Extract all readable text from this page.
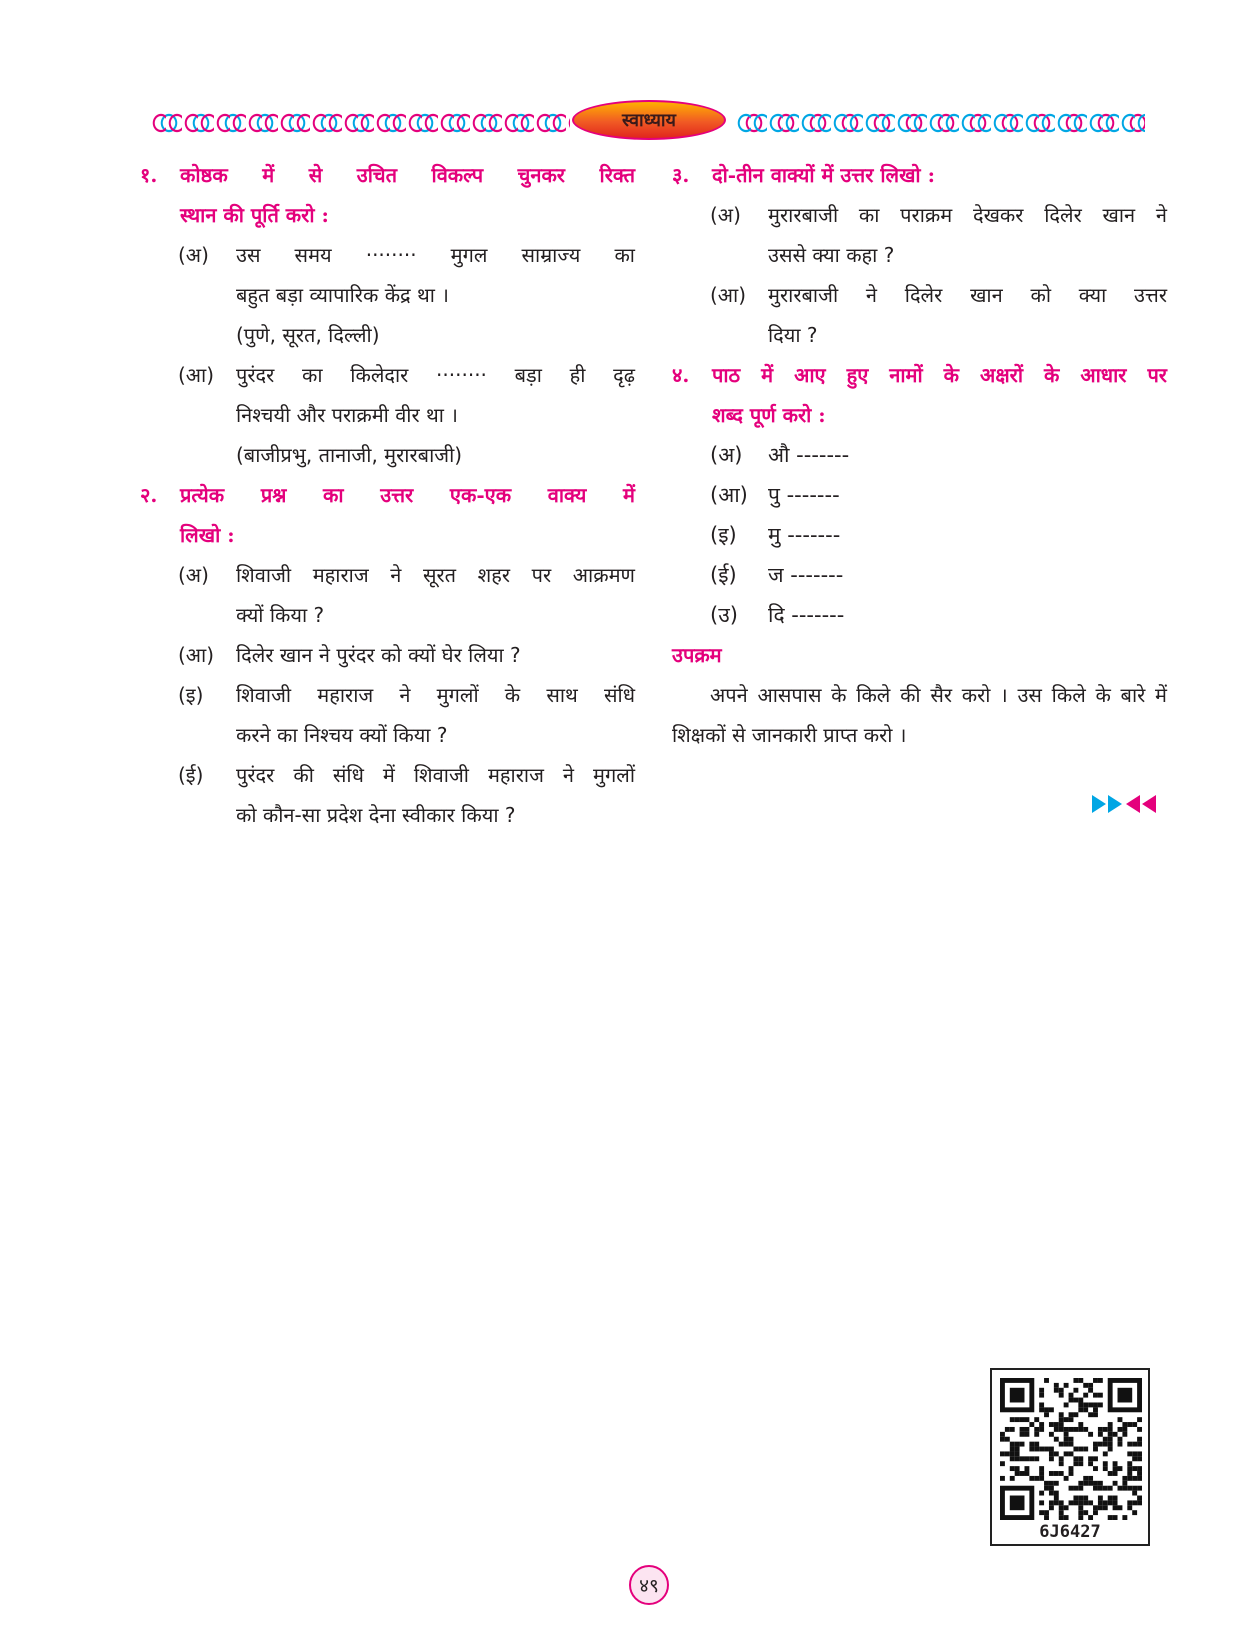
स्वाध्याय
१. कोष्ठक में से उचित विकल्प चुनकर रिक्त
स्थान की पूर्ति करो :
(अ) उस समय ········ मुगल साम्राज्य का
बहुत बड़ा व्यापारिक केंद्र था ।
(पुणे, सूरत, दिल्ली)
(आ) पुरंदर का किलेदार ········ बड़ा ही दृढ़
निश्चयी और पराक्रमी वीर था ।
(बाजीप्रभु, तानाजी, मुरारबाजी)
२. प्रत्येक प्रश्न का उत्तर एक-एक वाक्य में
लिखो :
(अ) शिवाजी महाराज ने सूरत शहर पर आक्रमण
क्यों किया ?
(आ) दिलेर खान ने पुरंदर को क्यों घेर लिया ?
(इ) शिवाजी महाराज ने मुगलों के साथ संधि
करने का निश्चय क्यों किया ?
(ई) पुरंदर की संधि में शिवाजी महाराज ने मुगलों
को कौन-सा प्रदेश देना स्वीकार किया ?
३. दो-तीन वाक्यों में उत्तर लिखो :
(अ) मुरारबाजी का पराक्रम देखकर दिलेर खान ने
उससे क्या कहा ?
(आ) मुरारबाजी ने दिलेर खान को क्या उत्तर
दिया ?
४. पाठ में आए हुए नामों के अक्षरों के आधार पर
शब्द पूर्ण करो :
(अ) औ -------
(आ) पु -------
(इ) मु -------
(ई) ज -------
(उ) दि -------
उपक्रम
अपने आसपास के किले की सैर करो । उस किले के बारे में शिक्षकों से जानकारी प्राप्त करो ।
6J6427
४९
